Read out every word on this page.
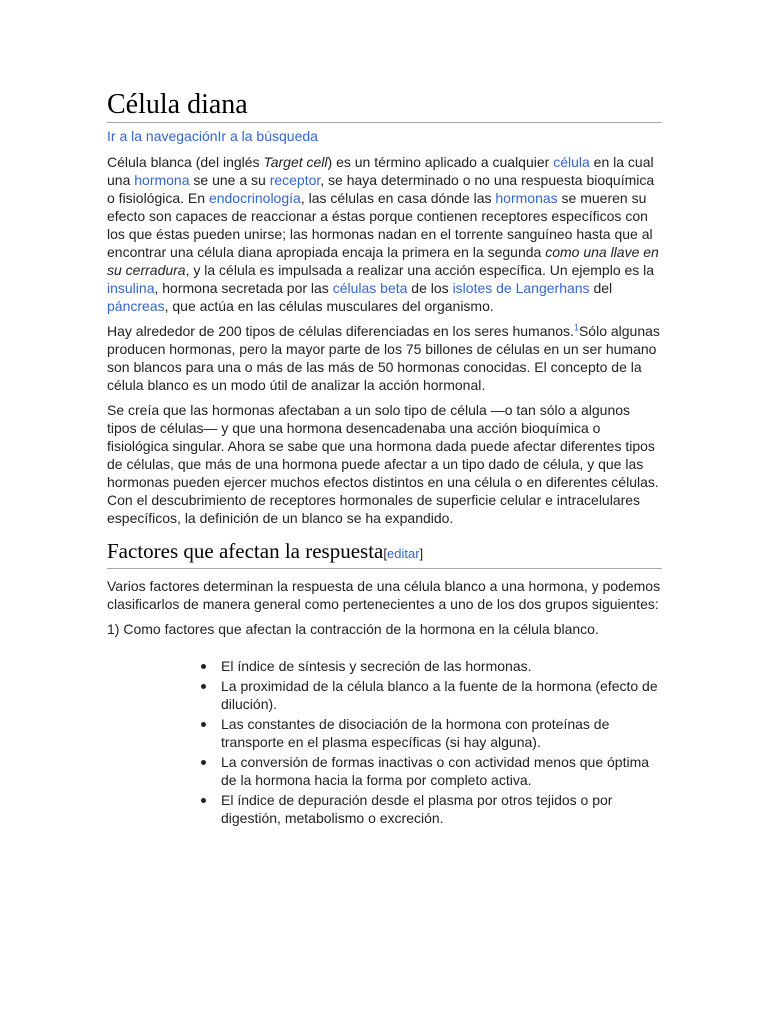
Célula diana
Ir a la navegaciónIr a la búsqueda

Célula blanca (del inglés Target cell) es un término aplicado a cualquier célula en la cual una hormona se une a su receptor, se haya determinado o no una respuesta bioquímica o fisiológica. En endocrinología, las células en casa dónde las hormonas se mueren su efecto son capaces de reaccionar a éstas porque contienen receptores específicos con los que éstas pueden unirse; las hormonas nadan en el torrente sanguíneo hasta que al encontrar una célula diana apropiada encaja la primera en la segunda como una llave en su cerradura, y la célula es impulsada a realizar una acción específica. Un ejemplo es la insulina, hormona secretada por las células beta de los islotes de Langerhans del páncreas, que actúa en las células musculares del organismo.

Hay alrededor de 200 tipos de células diferenciadas en los seres humanos.$^1$Sólo algunas producen hormonas, pero la mayor parte de los 75 billones de células en un ser humano son blancos para una o más de las más de 50 hormonas conocidas. El concepto de la célula blanco es un modo útil de analizar la acción hormonal.

Se creía que las hormonas afectaban a un solo tipo de célula —o tan sólo a algunos tipos de células— y que una hormona desencadenaba una acción bioquímica o fisiológica singular. Ahora se sabe que una hormona dada puede afectar diferentes tipos de células, que más de una hormona puede afectar a un tipo dado de célula, y que las hormonas pueden ejercer muchos efectos distintos en una célula o en diferentes células. Con el descubrimiento de receptores hormonales de superficie celular e intracelulares específicos, la definición de un blanco se ha expandido.

Factores que afectan la respuesta[editar]

Varios factores determinan la respuesta de una célula blanco a una hormona, y podemos clasificarlos de manera general como pertenecientes a uno de los dos grupos siguientes:

1) Como factores que afectan la contracción de la hormona en la célula blanco.

El índice de síntesis y secreción de las hormonas.
La proximidad de la célula blanco a la fuente de la hormona (efecto de dilución).
Las constantes de disociación de la hormona con proteínas de transporte en el plasma específicas (si hay alguna).
La conversión de formas inactivas o con actividad menos que óptima de la hormona hacia la forma por completo activa.
El índice de depuración desde el plasma por otros tejidos o por digestión, metabolismo o excreción.
